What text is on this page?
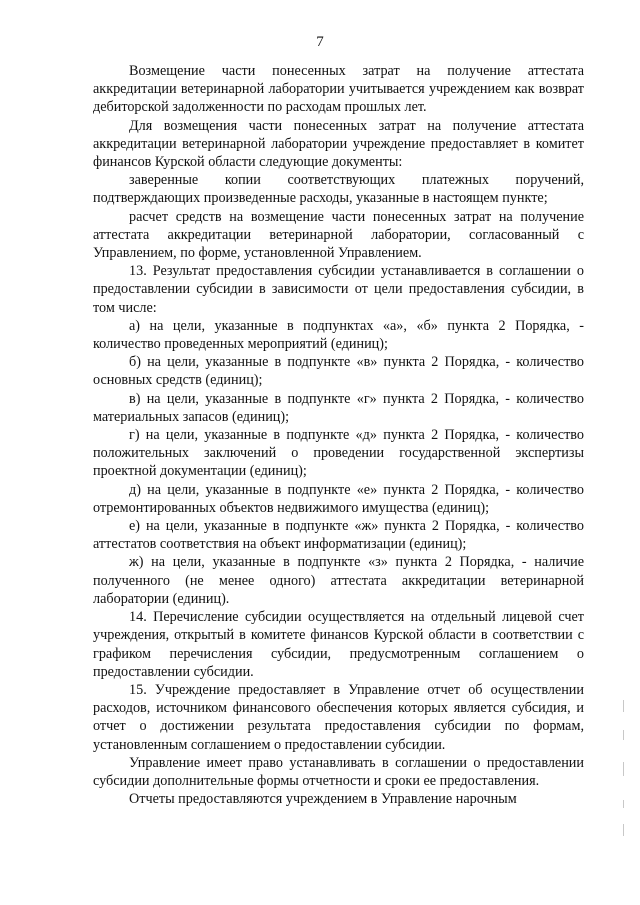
7

Возмещение части понесенных затрат на получение аттестата аккредитации ветеринарной лаборатории учитывается учреждением как возврат дебиторской задолженности по расходам прошлых лет.

Для возмещения части понесенных затрат на получение аттестата аккредитации ветеринарной лаборатории учреждение предоставляет в комитет финансов Курской области следующие документы:

заверенные копии соответствующих платежных поручений, подтверждающих произведенные расходы, указанные в настоящем пункте;

расчет средств на возмещение части понесенных затрат на получение аттестата аккредитации ветеринарной лаборатории, согласованный с Управлением, по форме, установленной Управлением.

13. Результат предоставления субсидии устанавливается в соглашении о предоставлении субсидии в зависимости от цели предоставления субсидии, в том числе:

а) на цели, указанные в подпунктах «а», «б» пункта 2 Порядка, - количество проведенных мероприятий (единиц);

б) на цели, указанные в подпункте «в» пункта 2 Порядка, - количество основных средств (единиц);

в) на цели, указанные в подпункте «г» пункта 2 Порядка, - количество материальных запасов (единиц);

г) на цели, указанные в подпункте «д» пункта 2 Порядка, - количество положительных заключений о проведении государственной экспертизы проектной документации (единиц);

д) на цели, указанные в подпункте «е» пункта 2 Порядка, - количество отремонтированных объектов недвижимого имущества (единиц);

е) на цели, указанные в подпункте «ж» пункта 2 Порядка, - количество аттестатов соответствия на объект информатизации (единиц);

ж) на цели, указанные в подпункте «з» пункта 2 Порядка, - наличие полученного (не менее одного) аттестата аккредитации ветеринарной лаборатории (единиц).

14. Перечисление субсидии осуществляется на отдельный лицевой счет учреждения, открытый в комитете финансов Курской области в соответствии с графиком перечисления субсидии, предусмотренным соглашением о предоставлении субсидии.

15. Учреждение предоставляет в Управление отчет об осуществлении расходов, источником финансового обеспечения которых является субсидия, и отчет о достижении результата предоставления субсидии по формам, установленным соглашением о предоставлении субсидии.

Управление имеет право устанавливать в соглашении о предоставлении субсидии дополнительные формы отчетности и сроки ее предоставления.

Отчеты предоставляются учреждением в Управление нарочным
